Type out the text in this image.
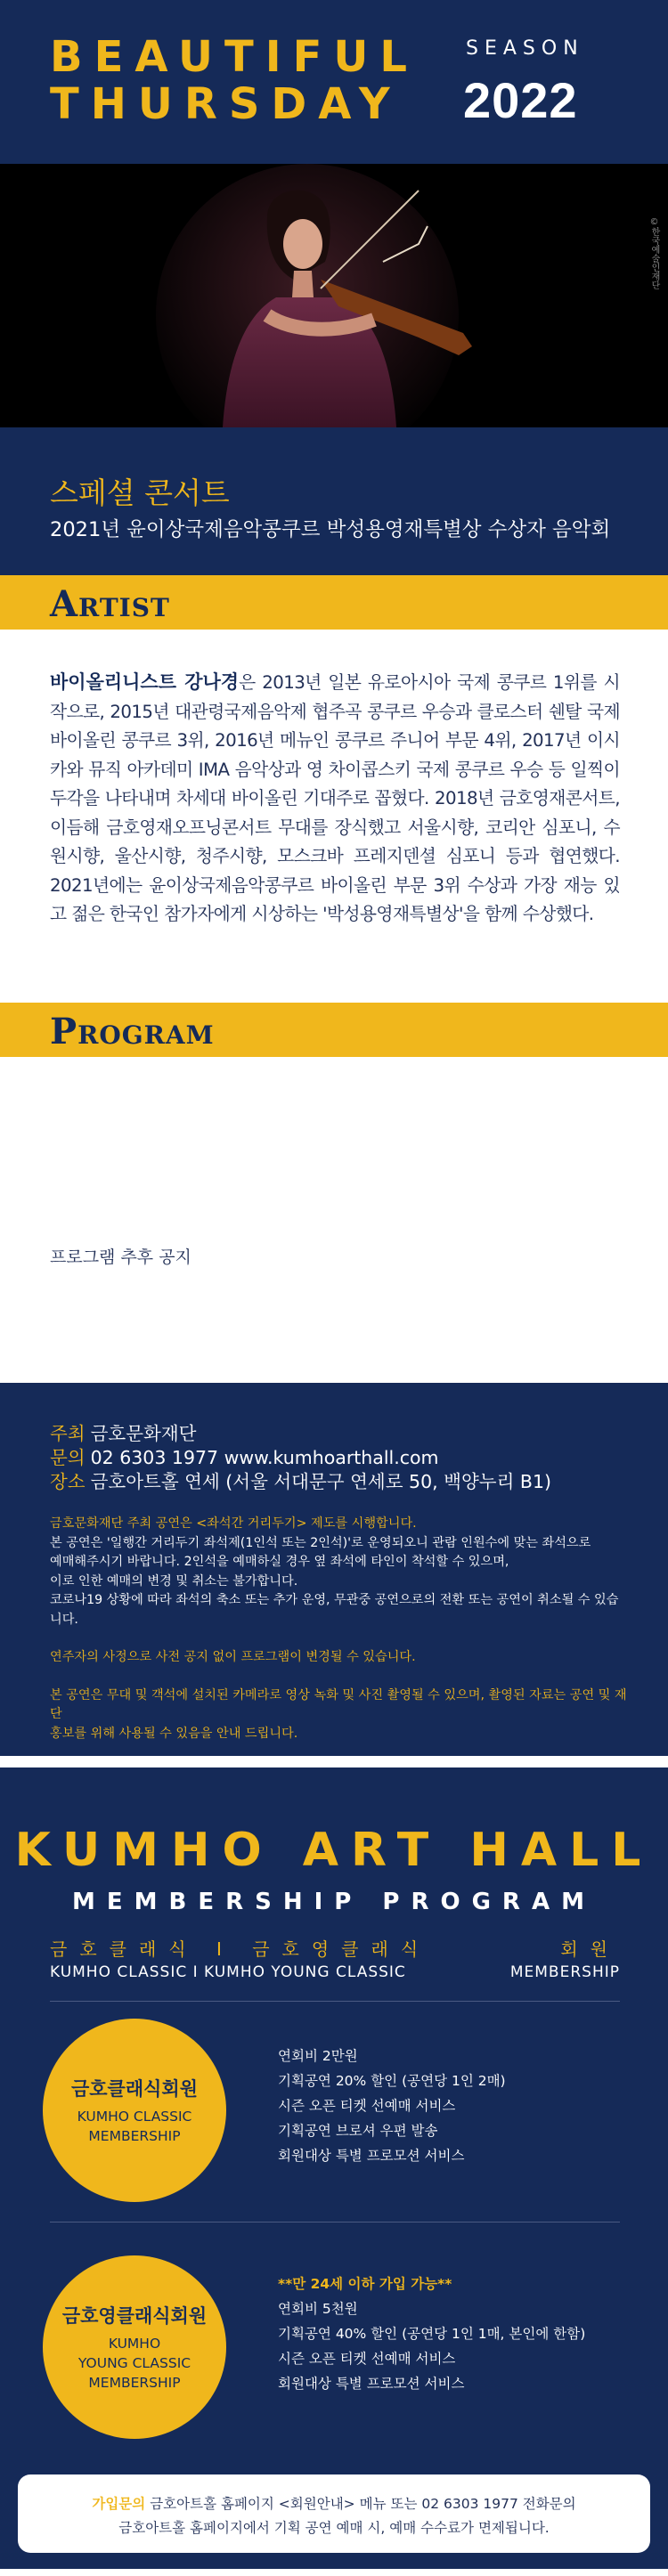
BEAUTIFUL
THURSDAY
SEASON
2022
©한국예술인재단
스페셜 콘서트
2021년 윤이상국제음악콩쿠르 박성용영재특별상 수상자 음악회
Artist
바이올리니스트 강나경은 2013년 일본 유로아시아 국제 콩쿠르 1위를 시작으로, 2015년 대관령국제음악제 협주곡 콩쿠르 우승과 클로스터 쉔탈 국제 바이올린 콩쿠르 3위, 2016년 메뉴인 콩쿠르 주니어 부문 4위, 2017년 이시카와 뮤직 아카데미 IMA 음악상과 영 차이콥스키 국제 콩쿠르 우승 등 일찍이 두각을 나타내며 차세대 바이올린 기대주로 꼽혔다. 2018년 금호영재콘서트, 이듬해 금호영재오프닝콘서트 무대를 장식했고 서울시향, 코리안 심포니, 수원시향, 울산시향, 청주시향, 모스크바 프레지덴셜 심포니 등과 협연했다. 2021년에는 윤이상국제음악콩쿠르 바이올린 부문 3위 수상과 가장 재능 있고 젊은 한국인 참가자에게 시상하는 '박성용영재특별상'을 함께 수상했다.
Program
프로그램 추후 공지
주최 금호문화재단
문의 02 6303 1977 www.kumhoarthall.com
장소 금호아트홀 연세 (서울 서대문구 연세로 50, 백양누리 B1)

금호문화재단 주최 공연은 <좌석간 거리두기> 제도를 시행합니다.

본 공연은 '일행간 거리두기 좌석제(1인석 또는 2인석)'로 운영되오니 관람 인원수에 맞는 좌석으로

예매해주시기 바랍니다. 2인석을 예매하실 경우 옆 좌석에 타인이 착석할 수 있으며,

이로 인한 예매의 변경 및 취소는 불가합니다.

코로나19 상황에 따라 좌석의 축소 또는 추가 운영, 무관중 공연으로의 전환 또는 공연이 취소될 수 있습니다.

연주자의 사정으로 사전 공지 없이 프로그램이 변경될 수 있습니다.

본 공연은 무대 및 객석에 설치된 카메라로 영상 녹화 및 사진 촬영될 수 있으며, 촬영된 자료는 공연 및 재단

홍보를 위해 사용될 수 있음을 안내 드립니다.

KUMHO ART HALL
MEMBERSHIP PROGRAM
금호클래식 I 금호영클래식	회원
KUMHO CLASSIC I KUMHO YOUNG CLASSIC	MEMBERSHIP
금호클래식회원
KUMHO CLASSIC
MEMBERSHIP
연회비 2만원
기획공연 20% 할인 (공연당 1인 2매)
시즌 오픈 티켓 선예매 서비스
기획공연 브로셔 우편 발송
회원대상 특별 프로모션 서비스
금호영클래식회원
KUMHO
YOUNG CLASSIC
MEMBERSHIP
**만 24세 이하 가입 가능**
연회비 5천원
기획공연 40% 할인 (공연당 1인 1매, 본인에 한함)
시즌 오픈 티켓 선예매 서비스
회원대상 특별 프로모션 서비스
가입문의 금호아트홀 홈페이지 <회원안내> 메뉴 또는 02 6303 1977 전화문의
금호아트홀 홈페이지에서 기획 공연 예매 시, 예매 수수료가 면제됩니다.
